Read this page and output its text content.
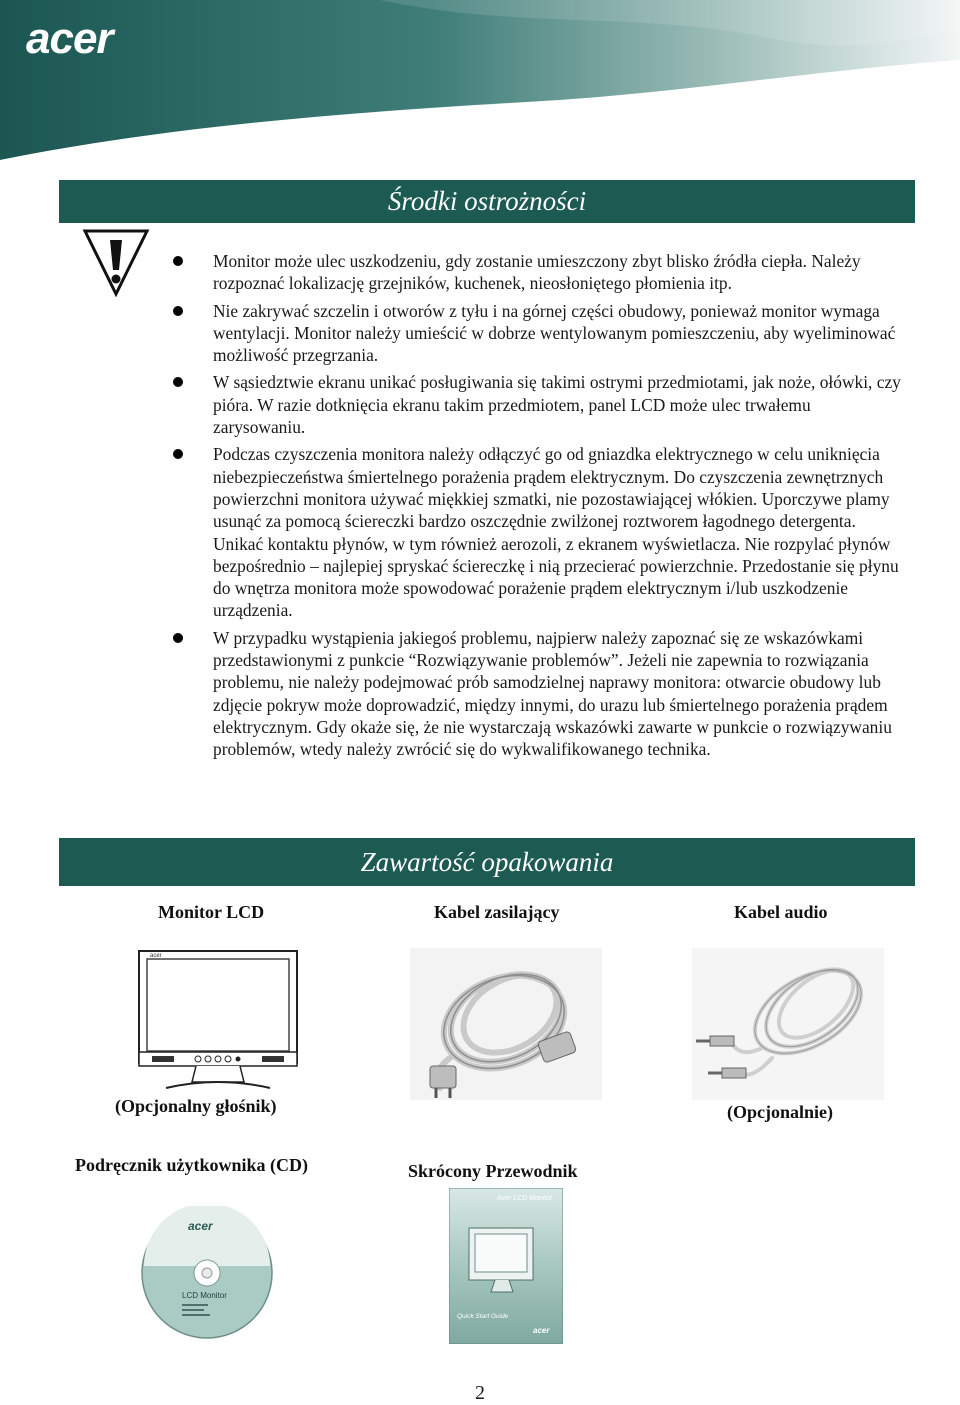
acer
Środki ostrożności
Monitor może ulec uszkodzeniu, gdy zostanie umieszczony zbyt blisko źródła ciepła. Należy rozpoznać lokalizację grzejników, kuchenek, nieosłoniętego płomienia itp.
Nie zakrywać szczelin i otworów z tyłu i na górnej części obudowy, ponieważ monitor wymaga wentylacji. Monitor należy umieścić w dobrze wentylowanym pomieszczeniu, aby wyeliminować możliwość przegrzania.
W sąsiedztwie ekranu unikać posługiwania się takimi ostrymi przedmiotami, jak noże, ołówki, czy pióra. W razie dotknięcia ekranu takim przedmiotem, panel LCD może ulec trwałemu zarysowaniu.
Podczas czyszczenia monitora należy odłączyć go od gniazdka elektrycznego w celu uniknięcia niebezpieczeństwa śmiertelnego porażenia prądem elektrycznym. Do czyszczenia zewnętrznych powierzchni monitora używać miękkiej szmatki, nie pozostawiającej włókien. Uporczywe plamy usunąć za pomocą ściereczki bardzo oszczędnie zwilżonej roztworem łagodnego detergenta. Unikać kontaktu płynów, w tym również aerozoli, z ekranem wyświetlacza. Nie rozpylać płynów bezpośrednio – najlepiej spryskać ściereczkę i nią przecierać powierzchnie. Przedostanie się płynu do wnętrza monitora może spowodować porażenie prądem elektrycznym i/lub uszkodzenie urządzenia.
W przypadku wystąpienia jakiegoś problemu, najpierw należy zapoznać się ze wskazówkami przedstawionymi z punkcie “Rozwiązywanie problemów”. Jeżeli nie zapewnia to rozwiązania problemu, nie należy podejmować prób samodzielnej naprawy monitora: otwarcie obudowy lub zdjęcie pokryw może doprowadzić, między innymi, do urazu lub śmiertelnego porażenia prądem elektrycznym. Gdy okaże się, że nie wystarczają wskazówki zawarte w punkcie o rozwiązywaniu problemów, wtedy należy zwrócić się do wykwalifikowanego technika.
Zawartość opakowania
Monitor LCD	Kabel zasilający	Kabel audio
acer
(Opcjonalny głośnik)	(Opcjonalnie)
Podręcznik użytkownika (CD)	Skrócony Przewodnik
acer
LCD Monitor
Acer LCD Monitor
Quick Start Guide
acer
2
